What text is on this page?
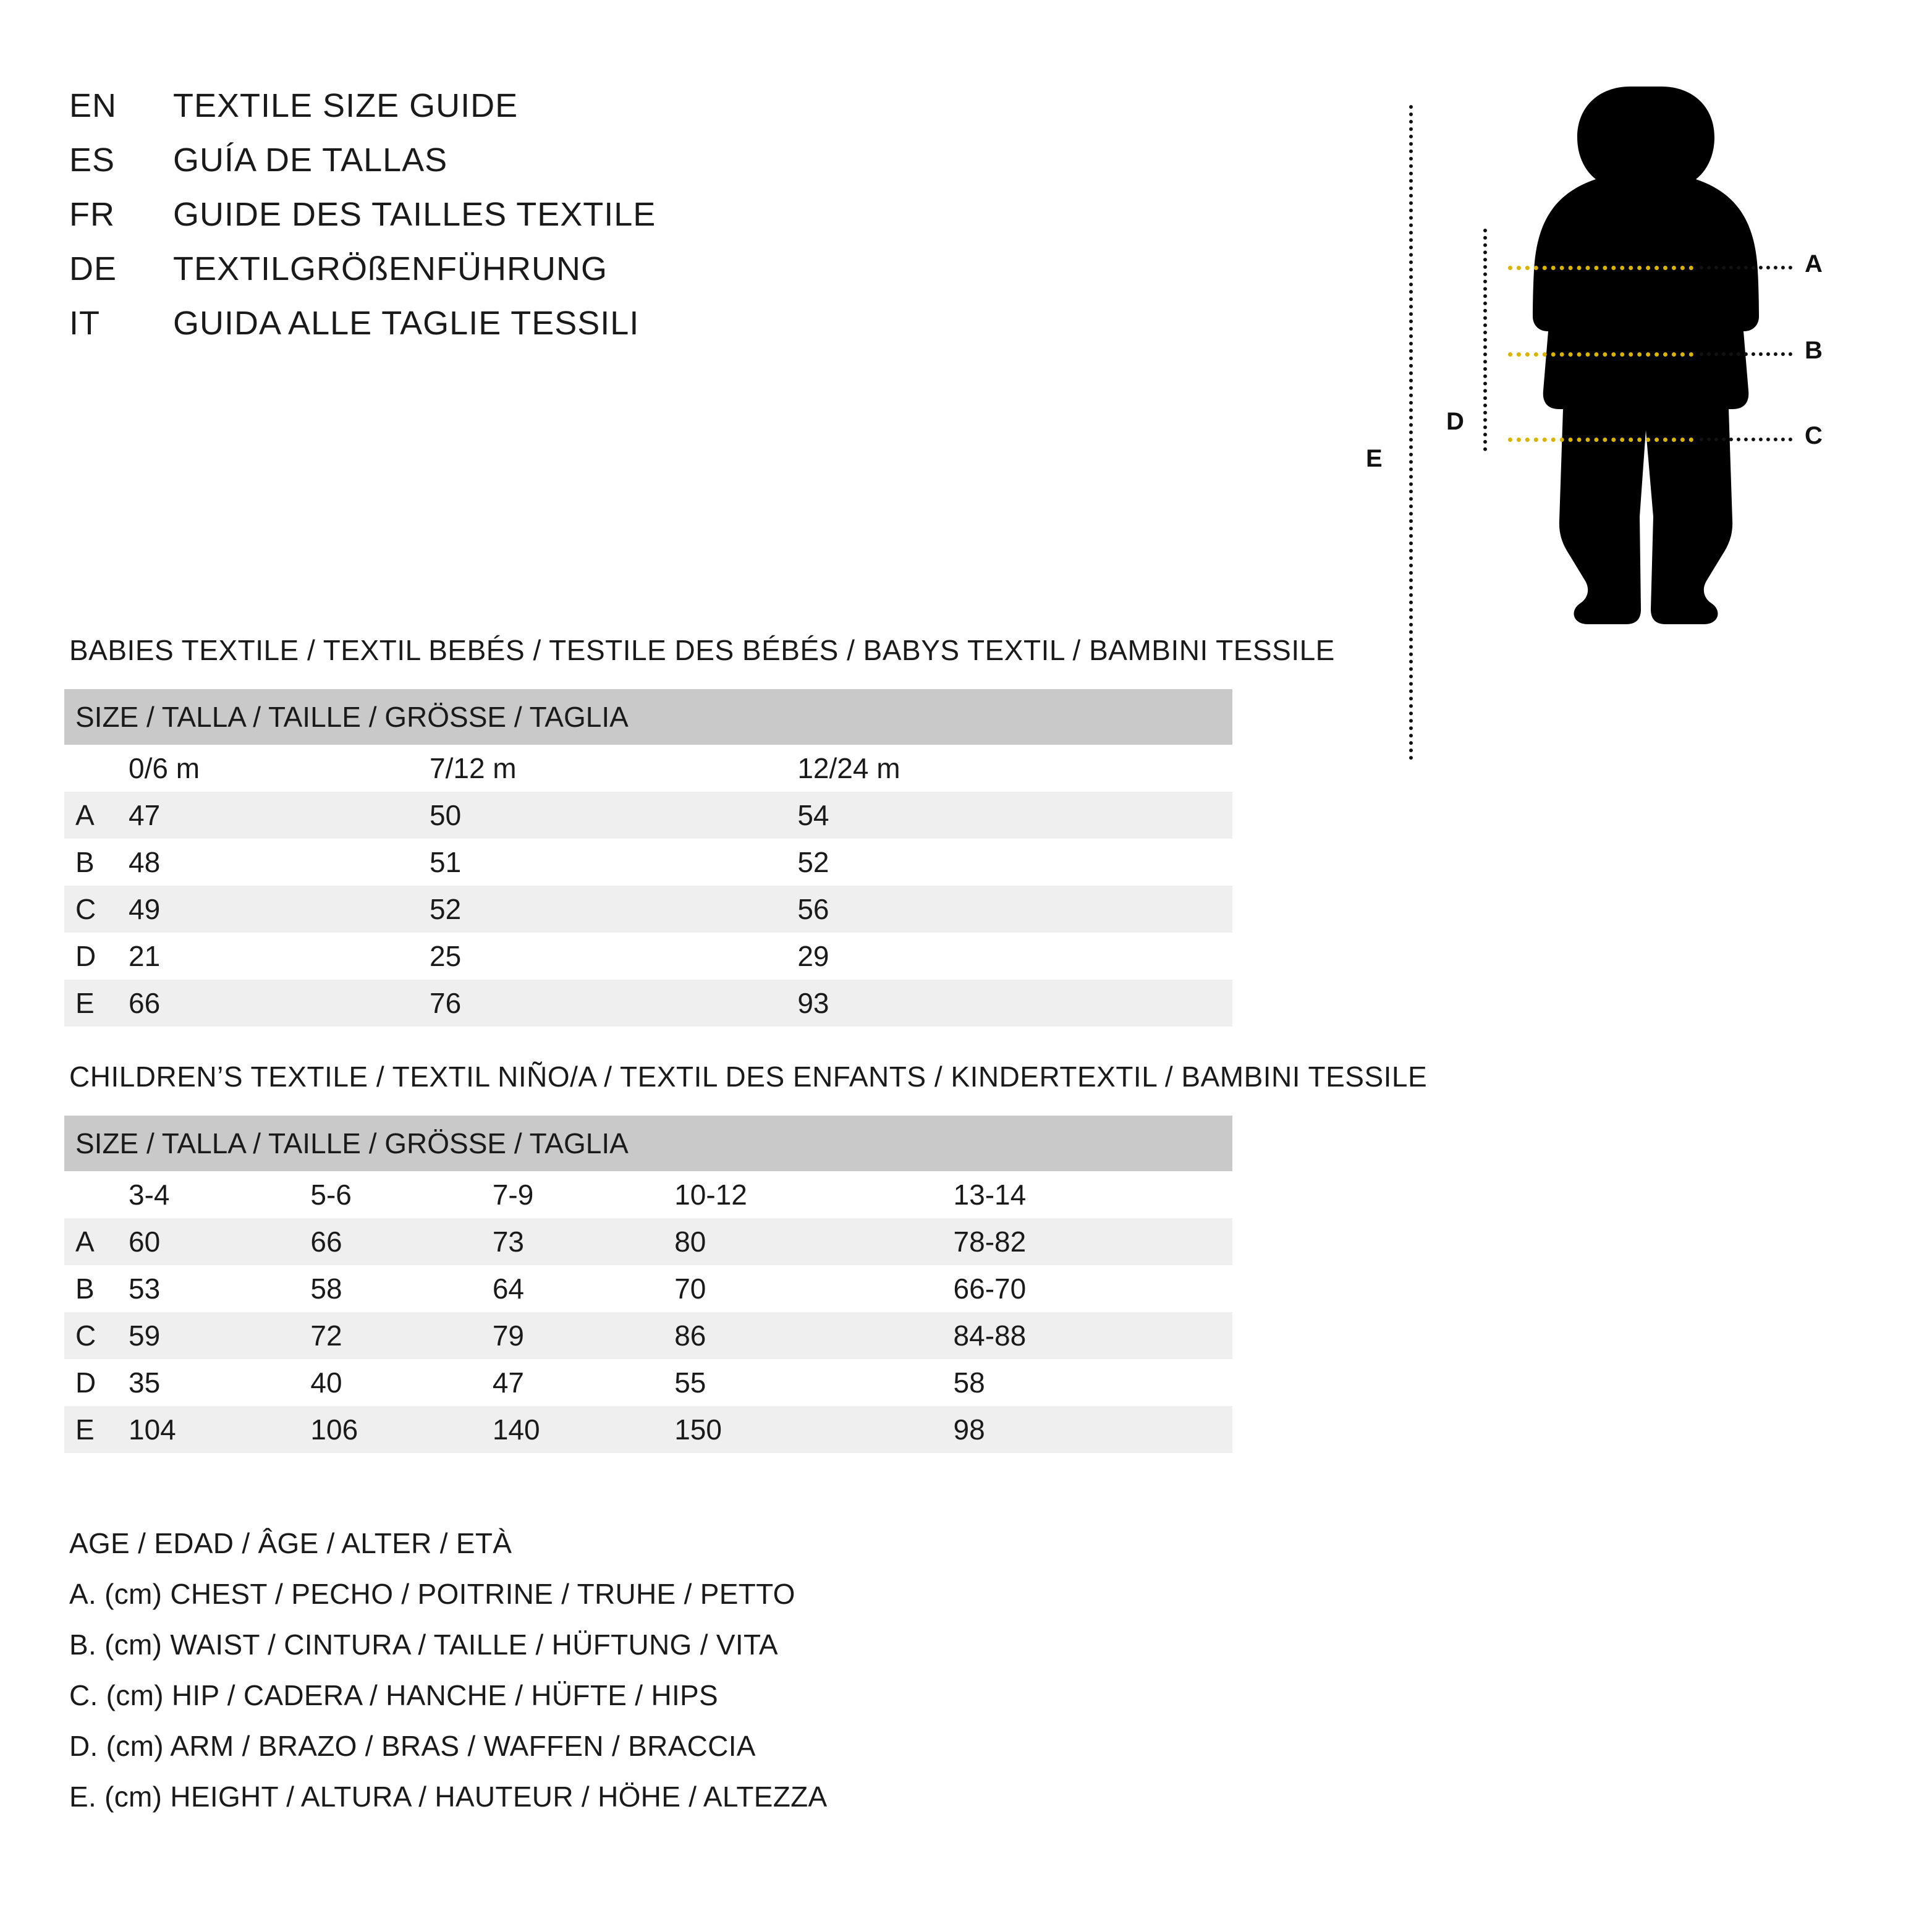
EN	TEXTILE SIZE GUIDE
ES	GUÍA DE TALLAS
FR	GUIDE DES TAILLES TEXTILE
DE	TEXTILGRÖßENFÜHRUNG
IT	GUIDA ALLE TAGLIE TESSILI
E
D
A
B
C
BABIES TEXTILE / TEXTIL BEBÉS / TESTILE DES BÉBÉS / BABYS TEXTIL / BAMBINI TESSILE
SIZE / TALLA / TAILLE / GRÖSSE / TAGLIA			
	0/6 m	7/12 m	12/24 m
A	47	50	54
B	48	51	52
C	49	52	56
D	21	25	29
E	66	76	93
CHILDREN’S TEXTILE / TEXTIL NIÑO/A / TEXTIL DES ENFANTS / KINDERTEXTIL / BAMBINI TESSILE
SIZE / TALLA / TAILLE / GRÖSSE / TAGLIA					
	3-4	5-6	7-9	10-12	13-14
A	60	66	73	80	78-82
B	53	58	64	70	66-70
C	59	72	79	86	84-88
D	35	40	47	55	58
E	104	106	140	150	98
AGE / EDAD / ÂGE / ALTER / ETÀ
A. (cm) CHEST / PECHO / POITRINE / TRUHE / PETTO
B. (cm) WAIST / CINTURA / TAILLE / HÜFTUNG / VITA
C. (cm) HIP / CADERA / HANCHE / HÜFTE / HIPS
D. (cm) ARM / BRAZO / BRAS / WAFFEN / BRACCIA
E. (cm) HEIGHT / ALTURA / HAUTEUR / HÖHE / ALTEZZA
